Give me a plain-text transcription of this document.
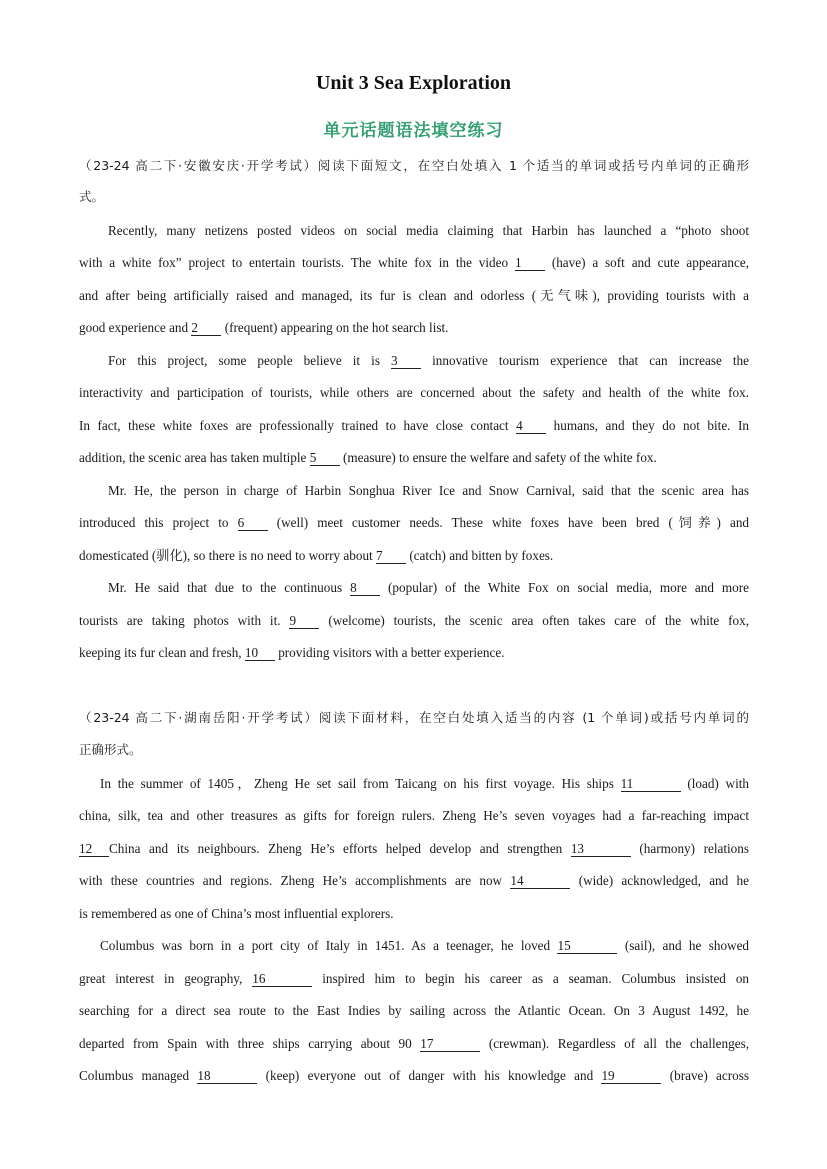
Unit 3 Sea Exploration
单元话题语法填空练习
（23-24 高二下·安徽安庆·开学考试）阅读下面短文，在空白处填入 1 个适当的单词或括号内单词的正确形
式。
Recently, many netizens posted videos on social media claiming that Harbin has launched a “photo shoot
with a white fox” project to entertain tourists. The white fox in the video 1 (have) a soft and cute appearance,
and after being artificially raised and managed, its fur is clean and odorless (无气味), providing tourists with a
good experience and 2 (frequent) appearing on the hot search list.
For this project, some people believe it is 3	innovative tourism experience that can increase the
interactivity and participation of tourists, while others are concerned about the safety and health of the white fox.
In fact, these white foxes are professionally trained to have close contact 4 humans, and they do not bite. In
addition, the scenic area has taken multiple 5 (measure) to ensure the welfare and safety of the white fox.
Mr. He, the person in charge of Harbin Songhua River Ice and Snow Carnival, said that the scenic area has
introduced this project to 6 (well) meet customer needs. These white foxes have been bred (饲养) and
domesticated (驯化), so there is no need to worry about 7 (catch) and bitten by foxes.
Mr. He said that due to the continuous 8 (popular) of the White Fox on social media, more and more
tourists are taking photos with it. 9 (welcome) tourists, the scenic area often takes care of the white fox,
keeping its fur clean and fresh, 10 providing visitors with a better experience.
（23-24 高二下·湖南岳阳·开学考试）阅读下面材料，在空白处填入适当的内容 (1 个单词)或括号内单词的
正确形式。
In the summer of 1405，Zheng He set sail from Taicang on his first voyage. His ships 11	(load) with
china, silk, tea and other treasures as gifts for foreign rulers. Zheng He’s seven voyages had a far-reaching impact
12 China and its neighbours. Zheng He’s efforts helped develop and strengthen 13	(harmony) relations
with these countries and regions. Zheng He’s accomplishments are now 14	(wide) acknowledged, and he
is remembered as one of China’s most influential explorers.
Columbus was born in a port city of Italy in 1451. As a teenager, he loved 15	(sail), and he showed
great interest in geography, 16	inspired him to begin his career as a seaman. Columbus insisted on
searching for a direct sea route to the East Indies by sailing across the Atlantic Ocean. On 3 August 1492, he
departed from Spain with three ships carrying about 90 17	(crewman). Regardless of all the challenges,
Columbus managed 18	(keep) everyone out of danger with his knowledge and 19	(brave) across
